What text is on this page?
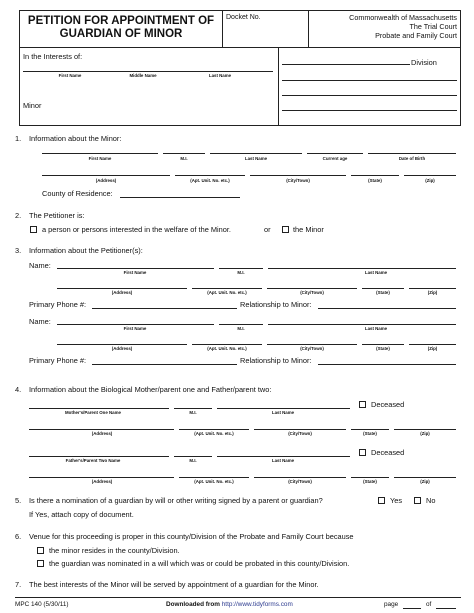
PETITION FOR APPOINTMENT OF
GUARDIAN OF MINOR
Docket No.	Commonwealth of Massachusetts
The Trial Court
Probate and Family Court
In the Interests of:
First Name	Middle Name	Last Name
Minor
Division
1. Information about the Minor:
First Name	M.I.	Last Name	Current age	Date of Birth
(Address)	(Apt. Unit. No. etc.)	(City/Town)	(State)	(Zip)
County of Residence:
2. The Petitioner is:
a person or persons interested in the welfare of the Minor.	or	the Minor
3. Information about the Petitioner(s):
Name:
First Name	M.I.	Last Name
(Address)	(Apt. Unit. No. etc.)	(City/Town)	(State)	(Zip)
Primary Phone #:	Relationship to Minor:
Name:
First Name	M.I.	Last Name
(Address)	(Apt. Unit. No. etc.)	(City/Town)	(State)	(Zip)
Primary Phone #:	Relationship to Minor:
4. Information about the Biological Mother/parent one and Father/parent two:
Deceased
Mother's/Parent One Name	M.I.	Last Name
(Address)	(Apt. Unit. No. etc.)	(City/Town)	(State)	(Zip)
Deceased
Father's/Parent Two Name	M.I.	Last Name
(Address)	(Apt. Unit. No. etc.)	(City/Town)	(State)	(Zip)
5. Is there a nomination of a guardian by will or other writing signed by a parent or guardian?	Yes	No
If Yes, attach copy of document.
6. Venue for this proceeding is proper in this county/Division of the Probate and Family Court because
the minor resides in the county/Division.
the guardian was nominated in a will which was or could be probated in this county/Division.
7. The best interests of the Minor will be served by appointment of a guardian for the Minor.
MPC 140 (5/30/11)	Downloaded from http://www.tidyforms.com	page	of
